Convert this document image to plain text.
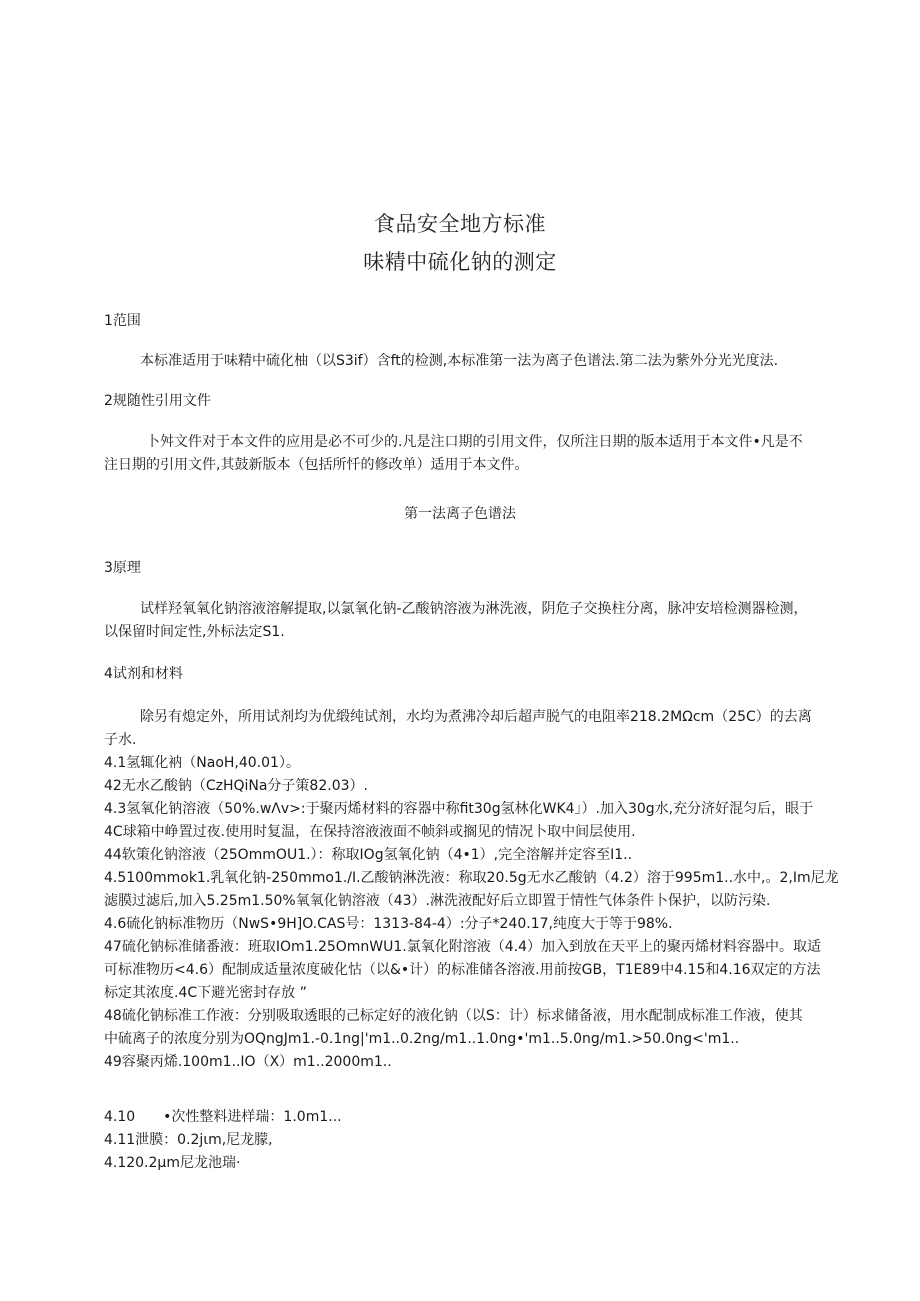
食品安全地方标准
味精中硫化钠的测定
1范围
本标准适用于味精中硫化柚（以S3if）含ft的检测,本标准第一法为离子色谱法.第二法为紫外分光光度法.
2规随性引用文件
卜舛文件对于本文件的应用是必不可少的.凡是注口期的引用文件，仅所注日期的版本适用于本文件•凡是不
注日期的引用文件,其鼓新版本（包括所忏的修改单）适用于本文件。
第一法离子色谱法
3原理
试样羟氧氧化钠溶液溶解提取,以氯氧化钠-乙酸钠溶液为淋洗液，阴危子交换柱分离，脉冲安培检测器检测，
以保留时间定性,外标法定S1.
4试剂和材料
除另有熄定外，所用试剂均为优缎纯试剂，水均为煮沸冷却后超声脱气的电阻率218.2MΩcm（25C）的去离
子水.
4.1氢辄化衲（NaoH,40.01）。
42无水乙酸钠（CzHQiNa分子策82.03）.
4.3氢氧化钠溶液（50%.wΛv>:于聚丙烯材料的容器中称fit30g氢林化WK4」）.加入30g水,充分济好混匀后，眼于
4C球箱中峥置过夜.使用时复温，在保持溶液液面不帧斜或搁见的情况卜取中间层使用.
44软策化钠溶液（25OmmOU1.）：称取IOg氢氧化钠（4•1）,完全溶解并定容至I1..
4.5100mmok1.乳氧化钠-250mmo1./I.乙酸钠淋洗液：称取20.5g无水乙酸钠（4.2）溶于995m1..水中,。2,Im尼龙
滤膜过滤后,加入5.25m1.50%氧氧化钠溶液（43）.淋洗液配好后立即置于情性气体条件卜保护，以防污染.
4.6硫化钠标准物历（NwS•9H]O.CAS号：1313-84-4）:分子*240.17,纯度大于等于98%.
47硫化钠标准储番液：班取IOm1.25OmnWU1.氯氧化附溶液（4.4）加入到放在天平上的聚丙烯材料容器中。取适
可标准物历<4.6）配制成适量浓度破化怙（以&•计）的标准储各溶液.用前按GB，T1E89中4.15和4.16双定的方法
标定其浓度.4C下避光密封存放 ”
48硫化钠标准工作液：分别吸取透眼的己标定好的液化钠（以S：计）标求储备液，用水配制成标准工作液，使其
中硫离子的浓度分别为OQngJm1.-0.1ng|'m1..0.2ng/m1..1.0ng•'m1..5.0ng/m1.>50.0ng<'m1..
49容聚丙烯.100m1..IO（X）m1..2000m1..
4.10　　•次性整料进样瑞：1.0m1...
4.11泄膜：0.2jιm,尼龙朦,
4.120.2μm尼龙池瑞·
